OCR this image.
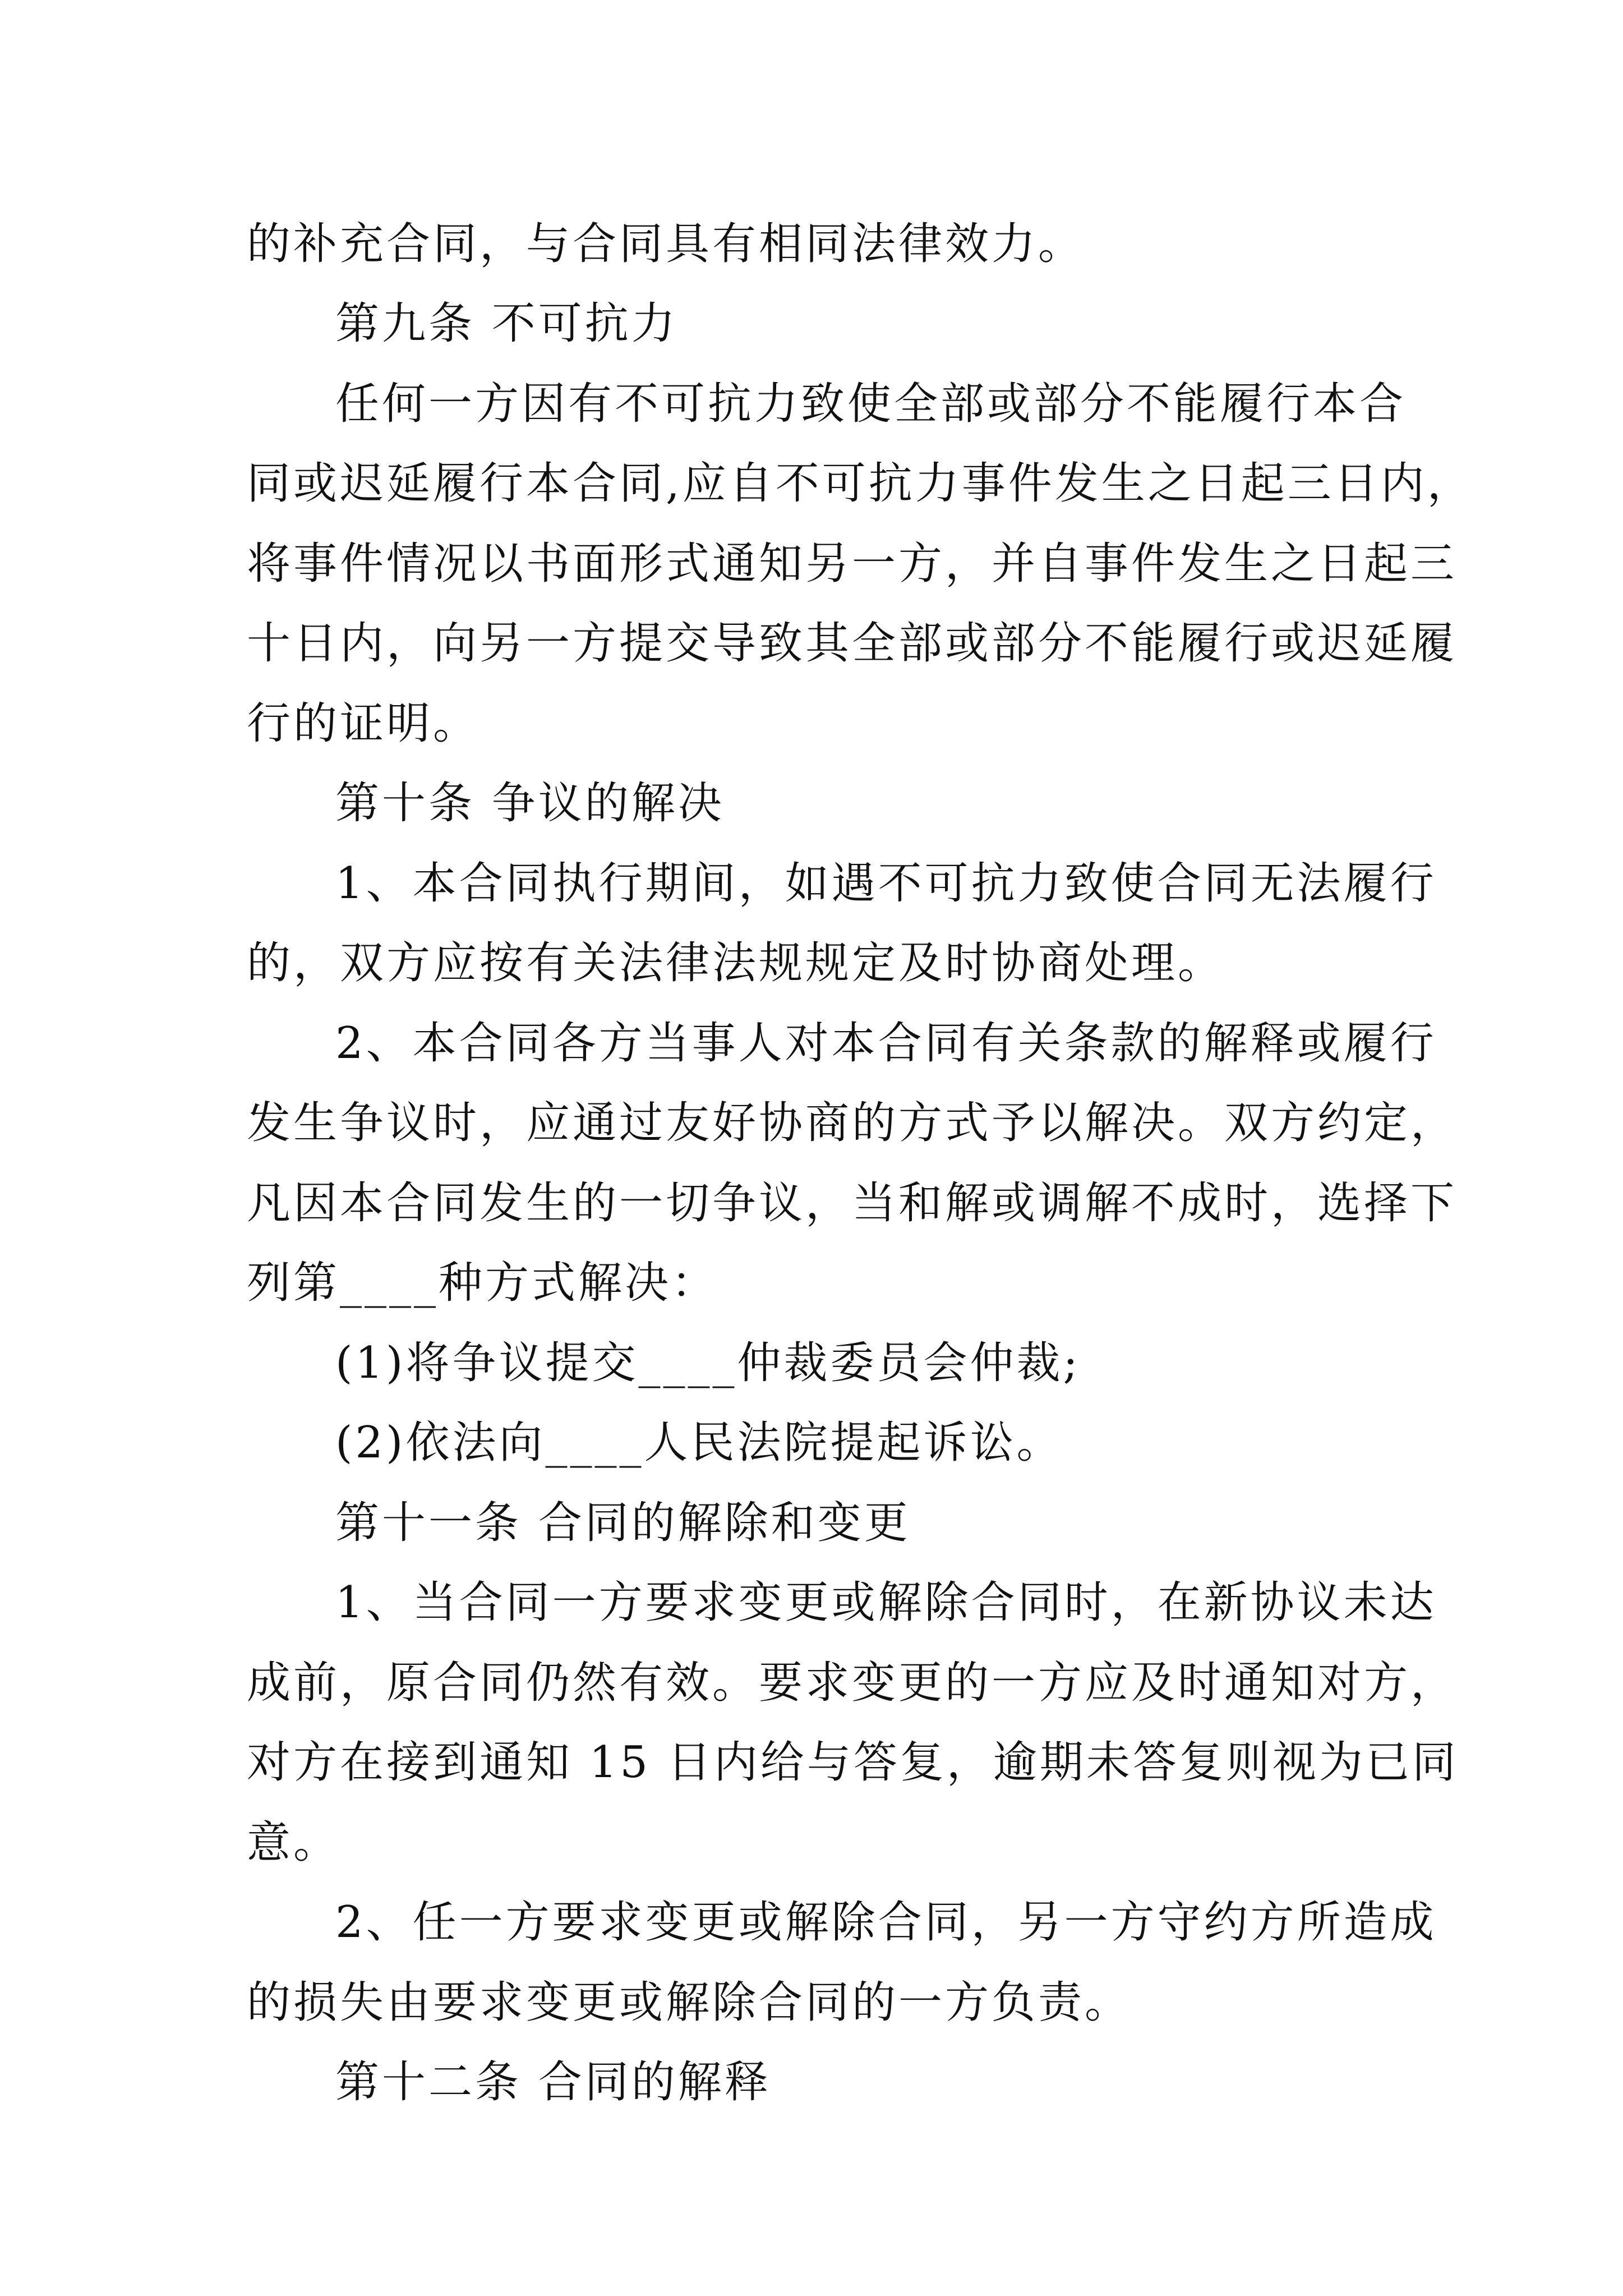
的补充合同，与合同具有相同法律效力。
第九条 不可抗力
任何一方因有不可抗力致使全部或部分不能履行本合
同或迟延履行本合同,应自不可抗力事件发生之日起三日内，
将事件情况以书面形式通知另一方，并自事件发生之日起三
十日内，向另一方提交导致其全部或部分不能履行或迟延履
行的证明。
第十条 争议的解决
1、本合同执行期间，如遇不可抗力致使合同无法履行
的，双方应按有关法律法规规定及时协商处理。
2、本合同各方当事人对本合同有关条款的解释或履行
发生争议时，应通过友好协商的方式予以解决。双方约定，
凡因本合同发生的一切争议，当和解或调解不成时，选择下
列第____种方式解决：
(1)将争议提交____仲裁委员会仲裁;
(2)依法向____人民法院提起诉讼。
第十一条 合同的解除和变更
1、当合同一方要求变更或解除合同时，在新协议未达
成前，原合同仍然有效。要求变更的一方应及时通知对方，
对方在接到通知 15 日内给与答复，逾期未答复则视为已同
意。
2、任一方要求变更或解除合同，另一方守约方所造成
的损失由要求变更或解除合同的一方负责。
第十二条 合同的解释
